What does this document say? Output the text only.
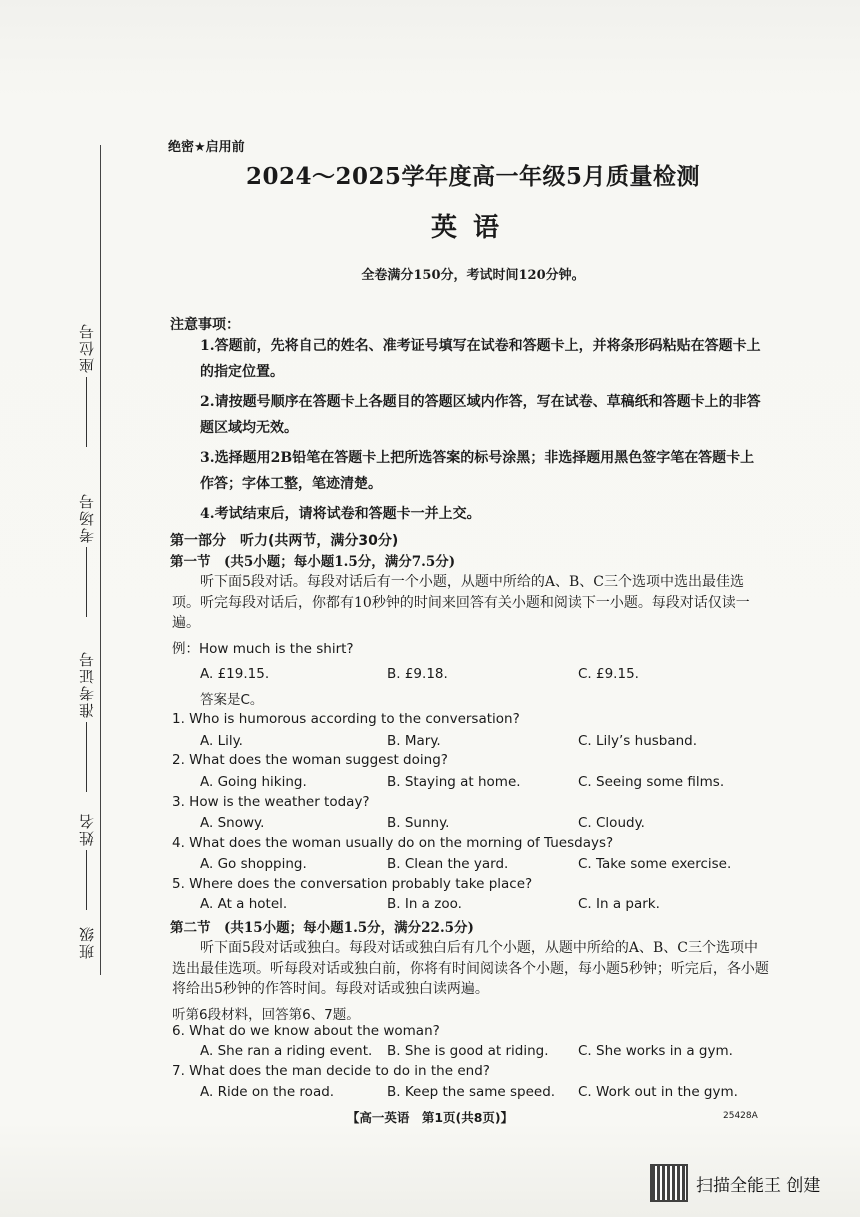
座位号
考场号
准考证号
姓名
班级
绝密★启用前
2024～2025学年度高一年级5月质量检测
英语
全卷满分150分，考试时间120分钟。
注意事项：
1.答题前，先将自己的姓名、准考证号填写在试卷和答题卡上，并将条形码粘贴在答题卡上的指定位置。
2.请按题号顺序在答题卡上各题目的答题区域内作答，写在试卷、草稿纸和答题卡上的非答题区域均无效。
3.选择题用2B铅笔在答题卡上把所选答案的标号涂黑；非选择题用黑色签字笔在答题卡上作答；字体工整，笔迹清楚。
4.考试结束后，请将试卷和答题卡一并上交。
第一部分　听力(共两节，满分30分)
第一节　(共5小题；每小题1.5分，满分7.5分)
听下面5段对话。每段对话后有一个小题，从题中所给的A、B、C三个选项中选出最佳选项。听完每段对话后，你都有10秒钟的时间来回答有关小题和阅读下一小题。每段对话仅读一遍。
例：How much is the shirt?
A. £19.15.	B. £9.18.	C. £9.15.
答案是C。
1. Who is humorous according to the conversation?
A. Lily.	B. Mary.	C. Lily’s husband.
2. What does the woman suggest doing?
A. Going hiking.	B. Staying at home.	C. Seeing some films.
3. How is the weather today?
A. Snowy.	B. Sunny.	C. Cloudy.
4. What does the woman usually do on the morning of Tuesdays?
A. Go shopping.	B. Clean the yard.	C. Take some exercise.
5. Where does the conversation probably take place?
A. At a hotel.	B. In a zoo.	C. In a park.
第二节　(共15小题；每小题1.5分，满分22.5分)
听下面5段对话或独白。每段对话或独白后有几个小题，从题中所给的A、B、C三个选项中选出最佳选项。听每段对话或独白前，你将有时间阅读各个小题，每小题5秒钟；听完后，各小题将给出5秒钟的作答时间。每段对话或独白读两遍。
听第6段材料，回答第6、7题。
6. What do we know about the woman?
A. She ran a riding event. B. She is good at riding. C. She works in a gym.
【高一英语　第1页(共8页)】	25428A
扫描全能王 创建
7. What does the man decide to do in the end?
A. Ride on the road.	B. Keep the same speed. C. Work out in the gym.
